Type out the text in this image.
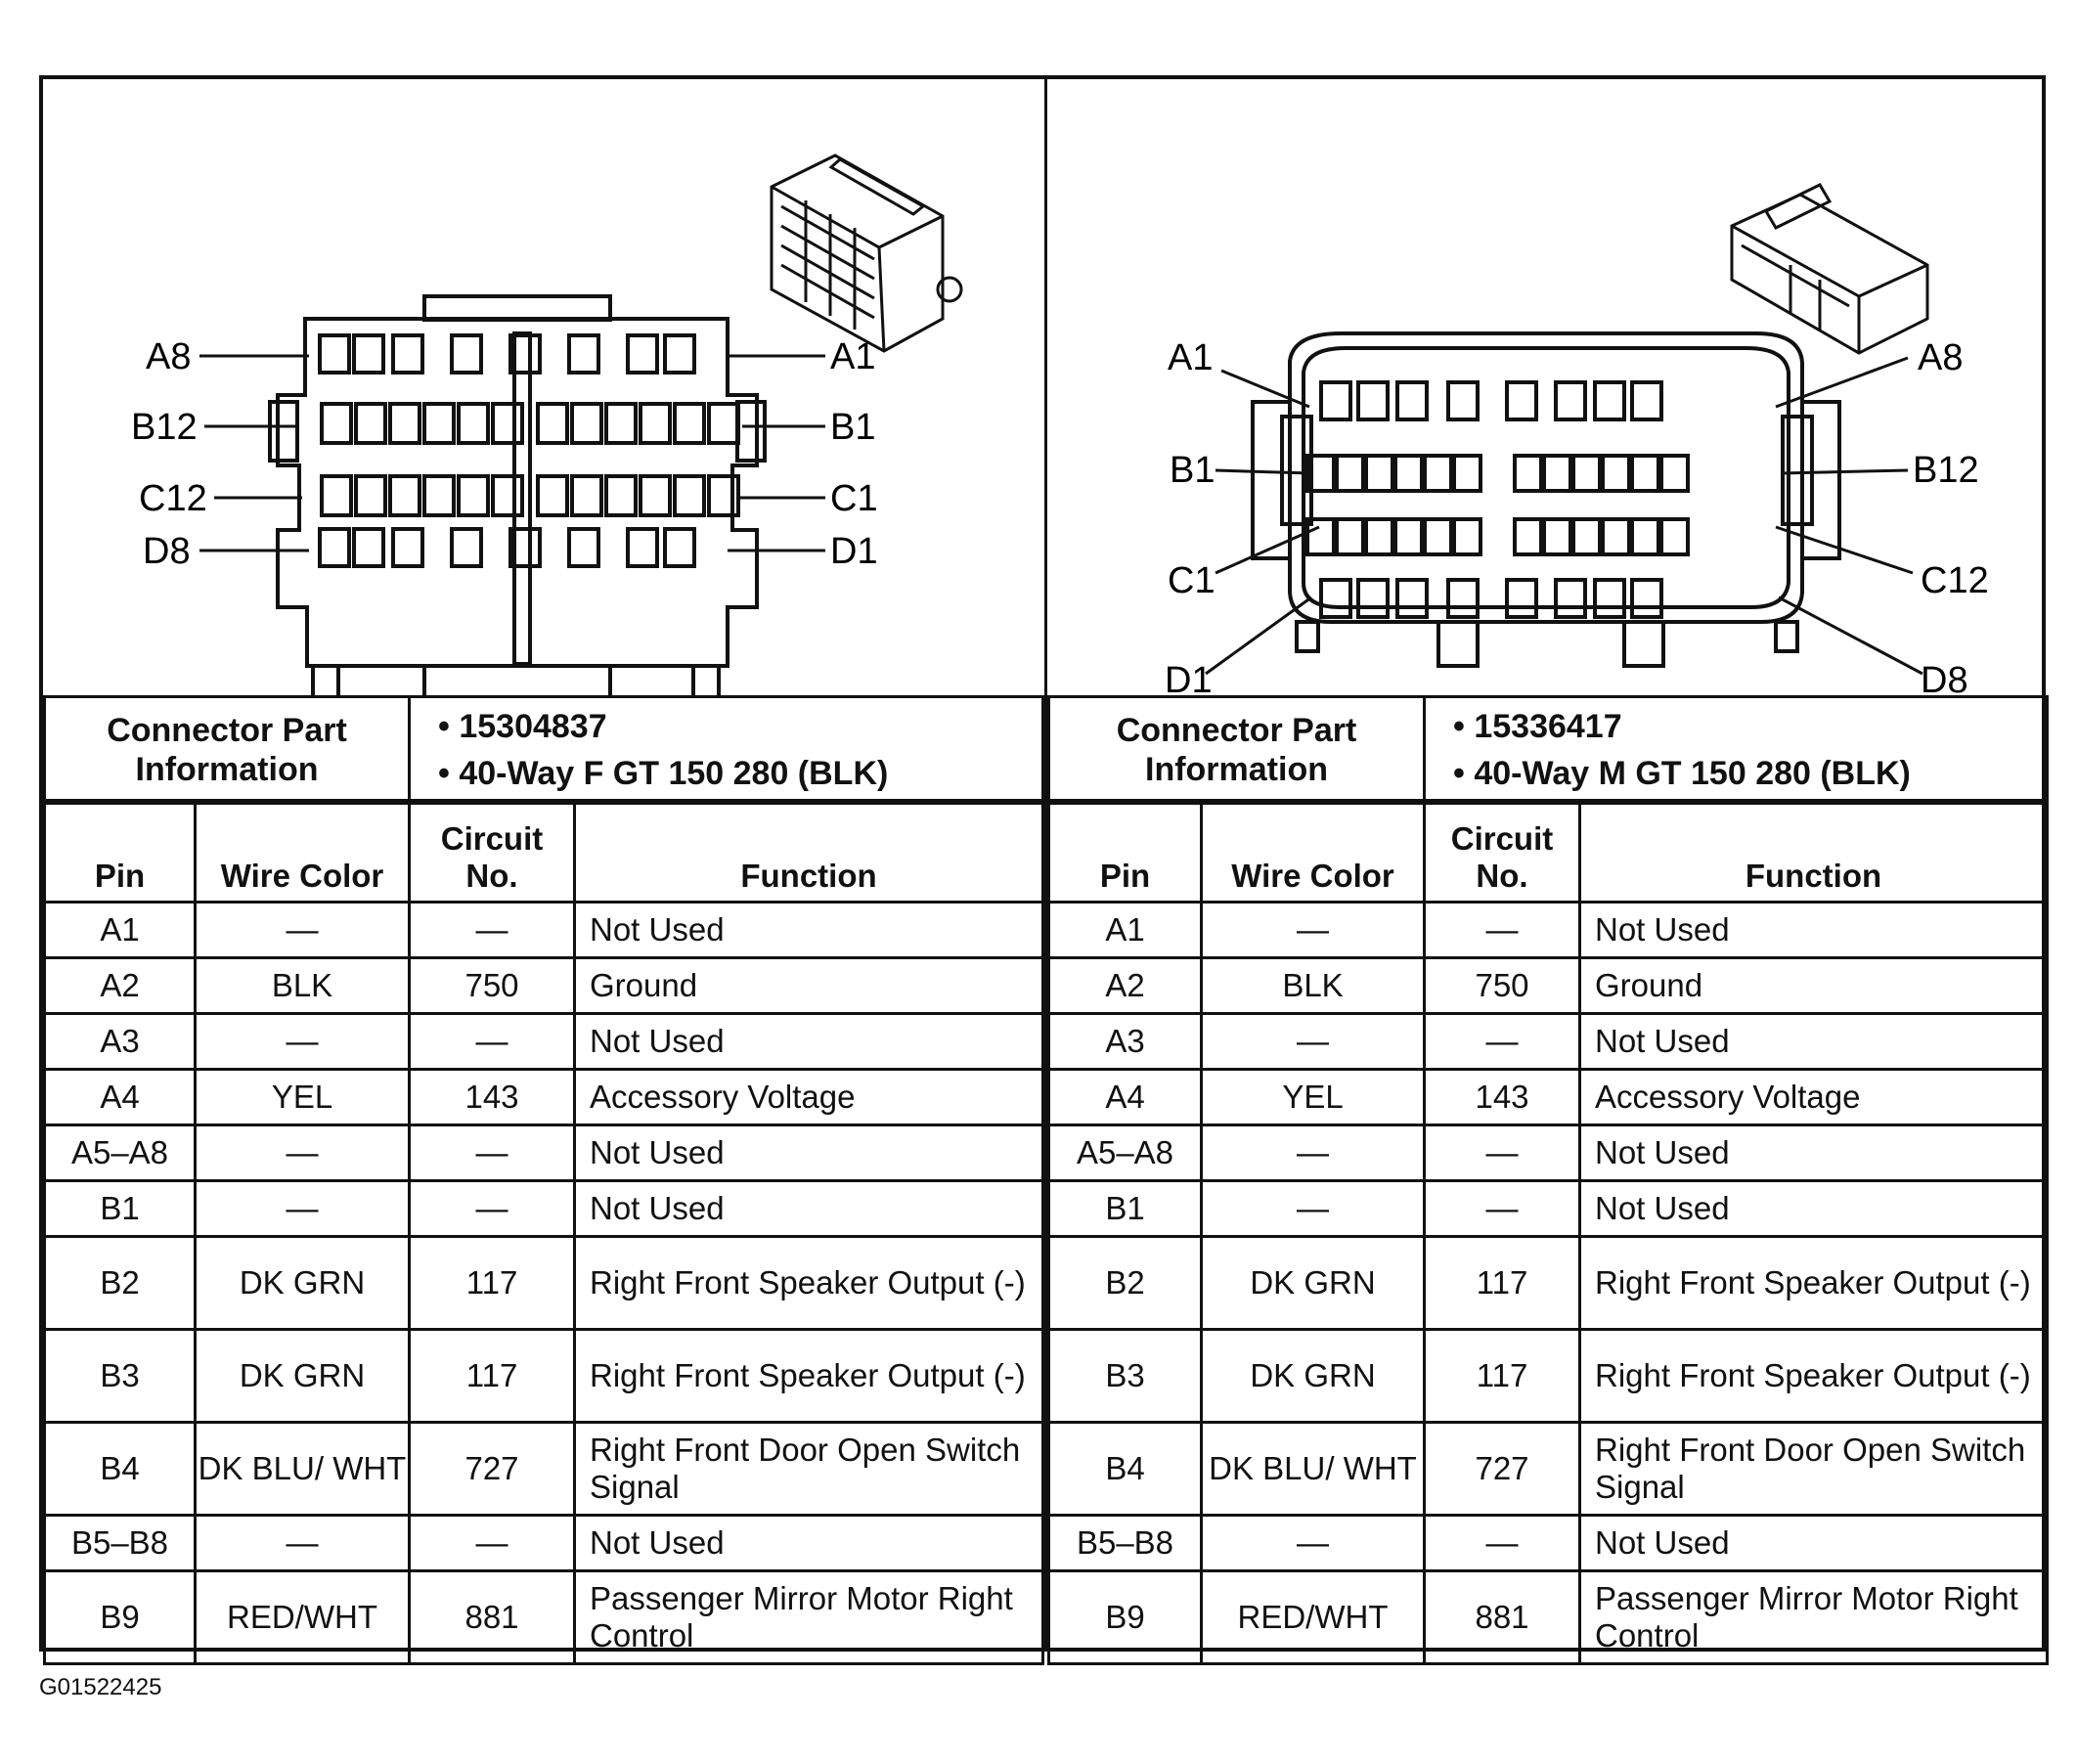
A8	A1
B12	B1
C12	C1
D8	D1
Connector Part Information	
• 15304837
• 40-Way F GT 150 280 (BLK)
Pin	Wire Color	Circuit No.	Function
A1	—	—	Not Used
A2	BLK	750	Ground
A3	—	—	Not Used
A4	YEL	143	Accessory Voltage
A5–A8	—	—	Not Used
B1	—	—	Not Used
B2	DK GRN	117	Right Front Speaker Output (-)
B3	DK GRN	117	Right Front Speaker Output (-)
B4	DK BLU/ WHT	727	Right Front Door Open Switch Signal
B5–B8	—	—	Not Used
B9	RED/WHT	881	Passenger Mirror Motor Right Control
A1	A8
B1	B12
C1	C12
D1	D8
Connector Part Information	
• 15336417
• 40-Way M GT 150 280 (BLK)
Pin	Wire Color	Circuit No.	Function
A1	—	—	Not Used
A2	BLK	750	Ground
A3	—	—	Not Used
A4	YEL	143	Accessory Voltage
A5–A8	—	—	Not Used
B1	—	—	Not Used
B2	DK GRN	117	Right Front Speaker Output (-)
B3	DK GRN	117	Right Front Speaker Output (-)
B4	DK BLU/ WHT	727	Right Front Door Open Switch Signal
B5–B8	—	—	Not Used
B9	RED/WHT	881	Passenger Mirror Motor Right Control
G01522425
